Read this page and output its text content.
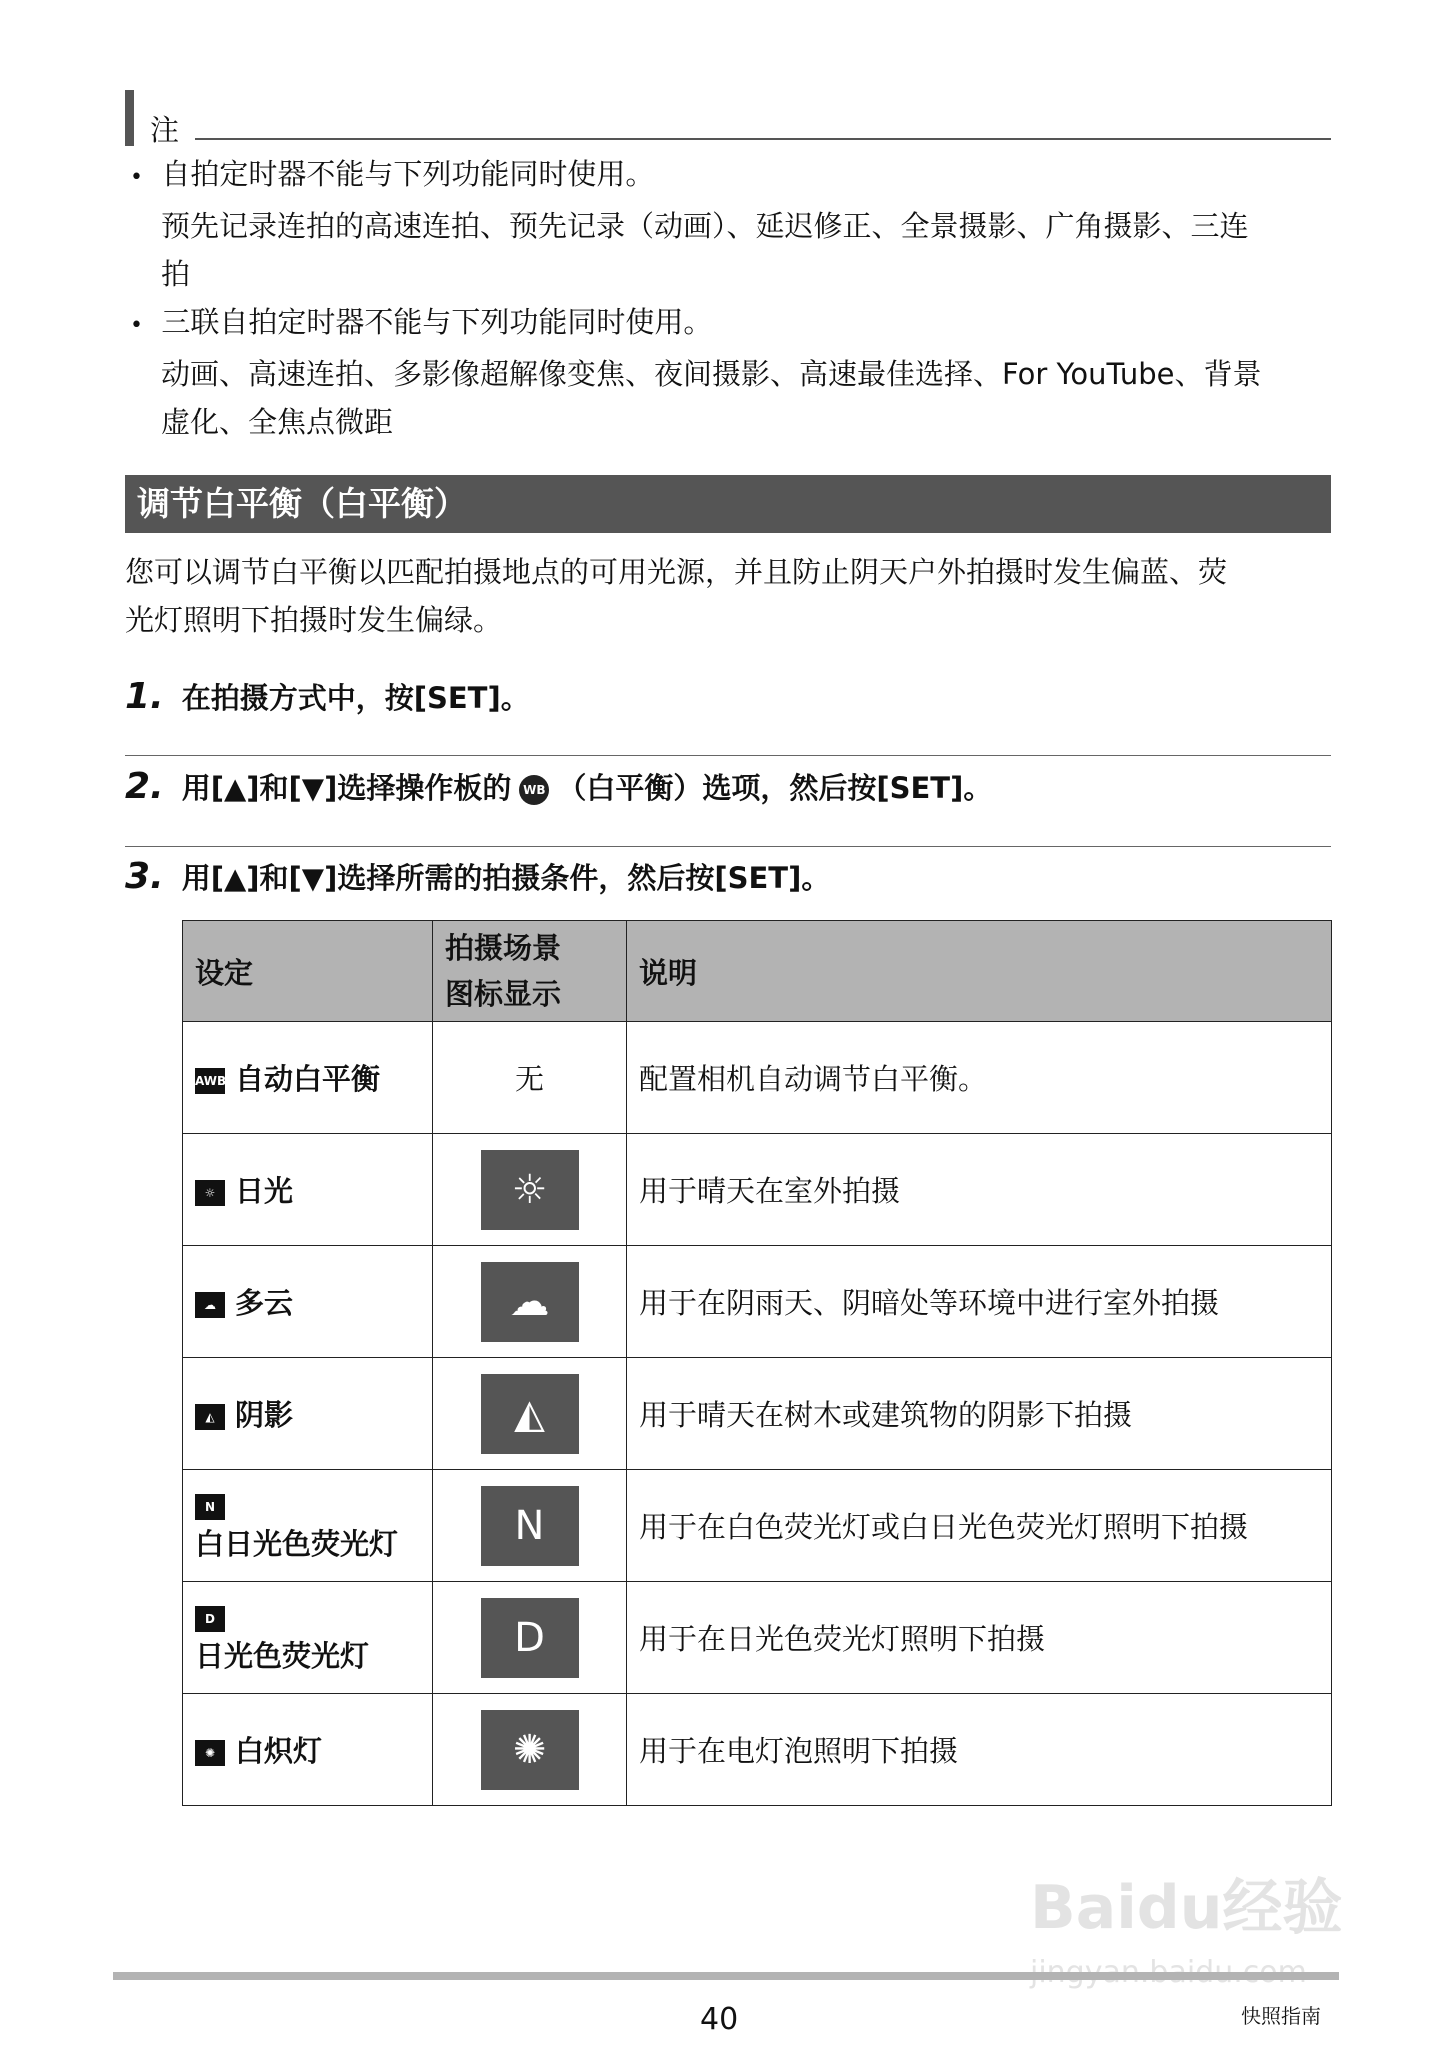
注
• 自拍定时器不能与下列功能同时使用。
预先记录连拍的高速连拍、预先记录（动画）、延迟修正、全景摄影、广角摄影、三连
拍
• 三联自拍定时器不能与下列功能同时使用。
动画、高速连拍、多影像超解像变焦、夜间摄影、高速最佳选择、For YouTube、背景
虚化、全焦点微距
调节白平衡（白平衡）
您可以调节白平衡以匹配拍摄地点的可用光源，并且防止阴天户外拍摄时发生偏蓝、荧
光灯照明下拍摄时发生偏绿。
1. 在拍摄方式中，按[SET]。
2. 用[▲]和[▼]选择操作板的 WB （白平衡）选项，然后按[SET]。
3. 用[▲]和[▼]选择所需的拍摄条件，然后按[SET]。
设定	拍摄场景图标显示	说明
AWB 自动白平衡	无	配置相机自动调节白平衡。
☼ 日光	☼	用于晴天在室外拍摄
☁ 多云	☁	用于在阴雨天、阴暗处等环境中进行室外拍摄
◭ 阴影	◭	用于晴天在树木或建筑物的阴影下拍摄
N
白日光色荧光灯	N	用于在白色荧光灯或白日光色荧光灯照明下拍摄
D
日光色荧光灯	D	用于在日光色荧光灯照明下拍摄
✺ 白炽灯	✺	用于在电灯泡照明下拍摄
Baidu经验
40	快照指南
